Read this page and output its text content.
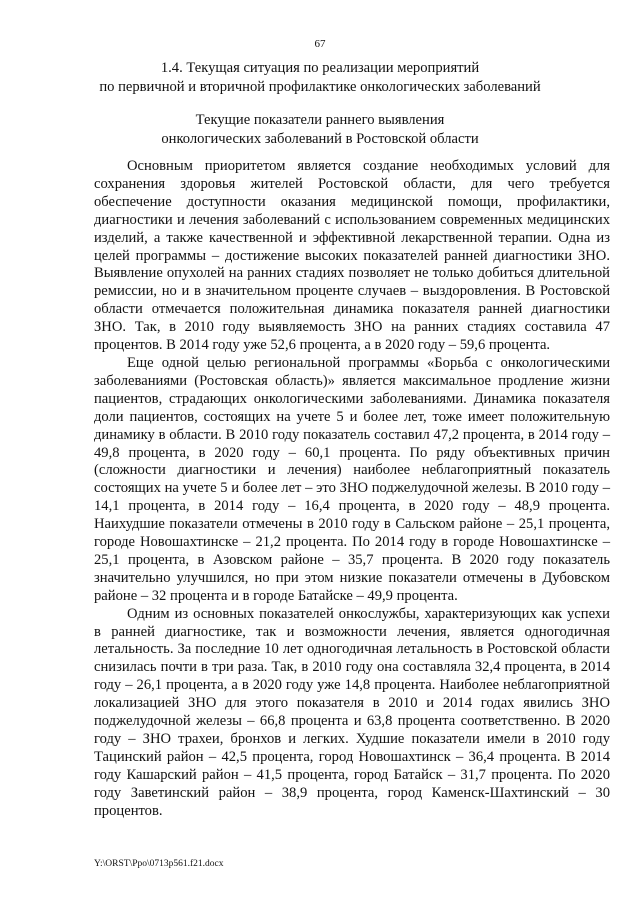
67
1.4. Текущая ситуация по реализации мероприятий
по первичной и вторичной профилактике онкологических заболеваний
Текущие показатели раннего выявления
онкологических заболеваний в Ростовской области

Основным приоритетом является создание необходимых условий для сохранения здоровья жителей Ростовской области, для чего требуется обеспечение доступности оказания медицинской помощи, профилактики, диагностики и лечения заболеваний с использованием современных медицинских изделий, а также качественной и эффективной лекарственной терапии. Одна из целей программы – достижение высоких показателей ранней диагностики ЗНО. Выявление опухолей на ранних стадиях позволяет не только добиться длительной ремиссии, но и в значительном проценте случаев – выздоровления. В Ростовской области отмечается положительная динамика показателя ранней диагностики ЗНО. Так, в 2010 году выявляемость ЗНО на ранних стадиях составила 47 процентов. В 2014 году уже 52,6 процента, а в 2020 году – 59,6 процента.

Еще одной целью региональной программы «Борьба с онкологическими заболеваниями (Ростовская область)» является максимальное продление жизни пациентов, страдающих онкологическими заболеваниями. Динамика показателя доли пациентов, состоящих на учете 5 и более лет, тоже имеет положительную динамику в области. В 2010 году показатель составил 47,2 процента, в 2014 году – 49,8 процента, в 2020 году – 60,1 процента. По ряду объективных причин (сложности диагностики и лечения) наиболее неблагоприятный показатель состоящих на учете 5 и более лет – это ЗНО поджелудочной железы. В 2010 году – 14,1 процента, в 2014 году – 16,4 процента, в 2020 году – 48,9 процента. Наихудшие показатели отмечены в 2010 году в Сальском районе – 25,1 процента, городе Новошахтинске – 21,2 процента. По 2014 году в городе Новошахтинскe – 25,1 процента, в Азовском районе – 35,7 процента. В 2020 году показатель значительно улучшился, но при этом низкие показатели отмечены в Дубовском районе – 32 процента и в городе Батайске – 49,9 процента.

Одним из основных показателей онкослужбы, характеризующих как успехи в ранней диагностике, так и возможности лечения, является одногодичная летальность. За последние 10 лет одногодичная летальность в Ростовской области снизилась почти в три раза. Так, в 2010 году она составляла 32,4 процента, в 2014 году – 26,1 процента, а в 2020 году уже 14,8 процента. Наиболее неблагоприятной локализацией ЗНО для этого показателя в 2010 и 2014 годах явились ЗНО поджелудочной железы – 66,8 процента и 63,8 процента соответственно. В 2020 году – ЗНО трахеи, бронхов и легких. Худшие показатели имели в 2010 году Тацинский район – 42,5 процента, город Новошахтинск – 36,4 процента. В 2014 году Кашарский район – 41,5 процента, город Батайск – 31,7 процента. По 2020 году Заветинский район – 38,9 процента, город Каменск-Шахтинский – 30 процентов.

Y:\ORST\Ppo\0713p561.f21.docx
